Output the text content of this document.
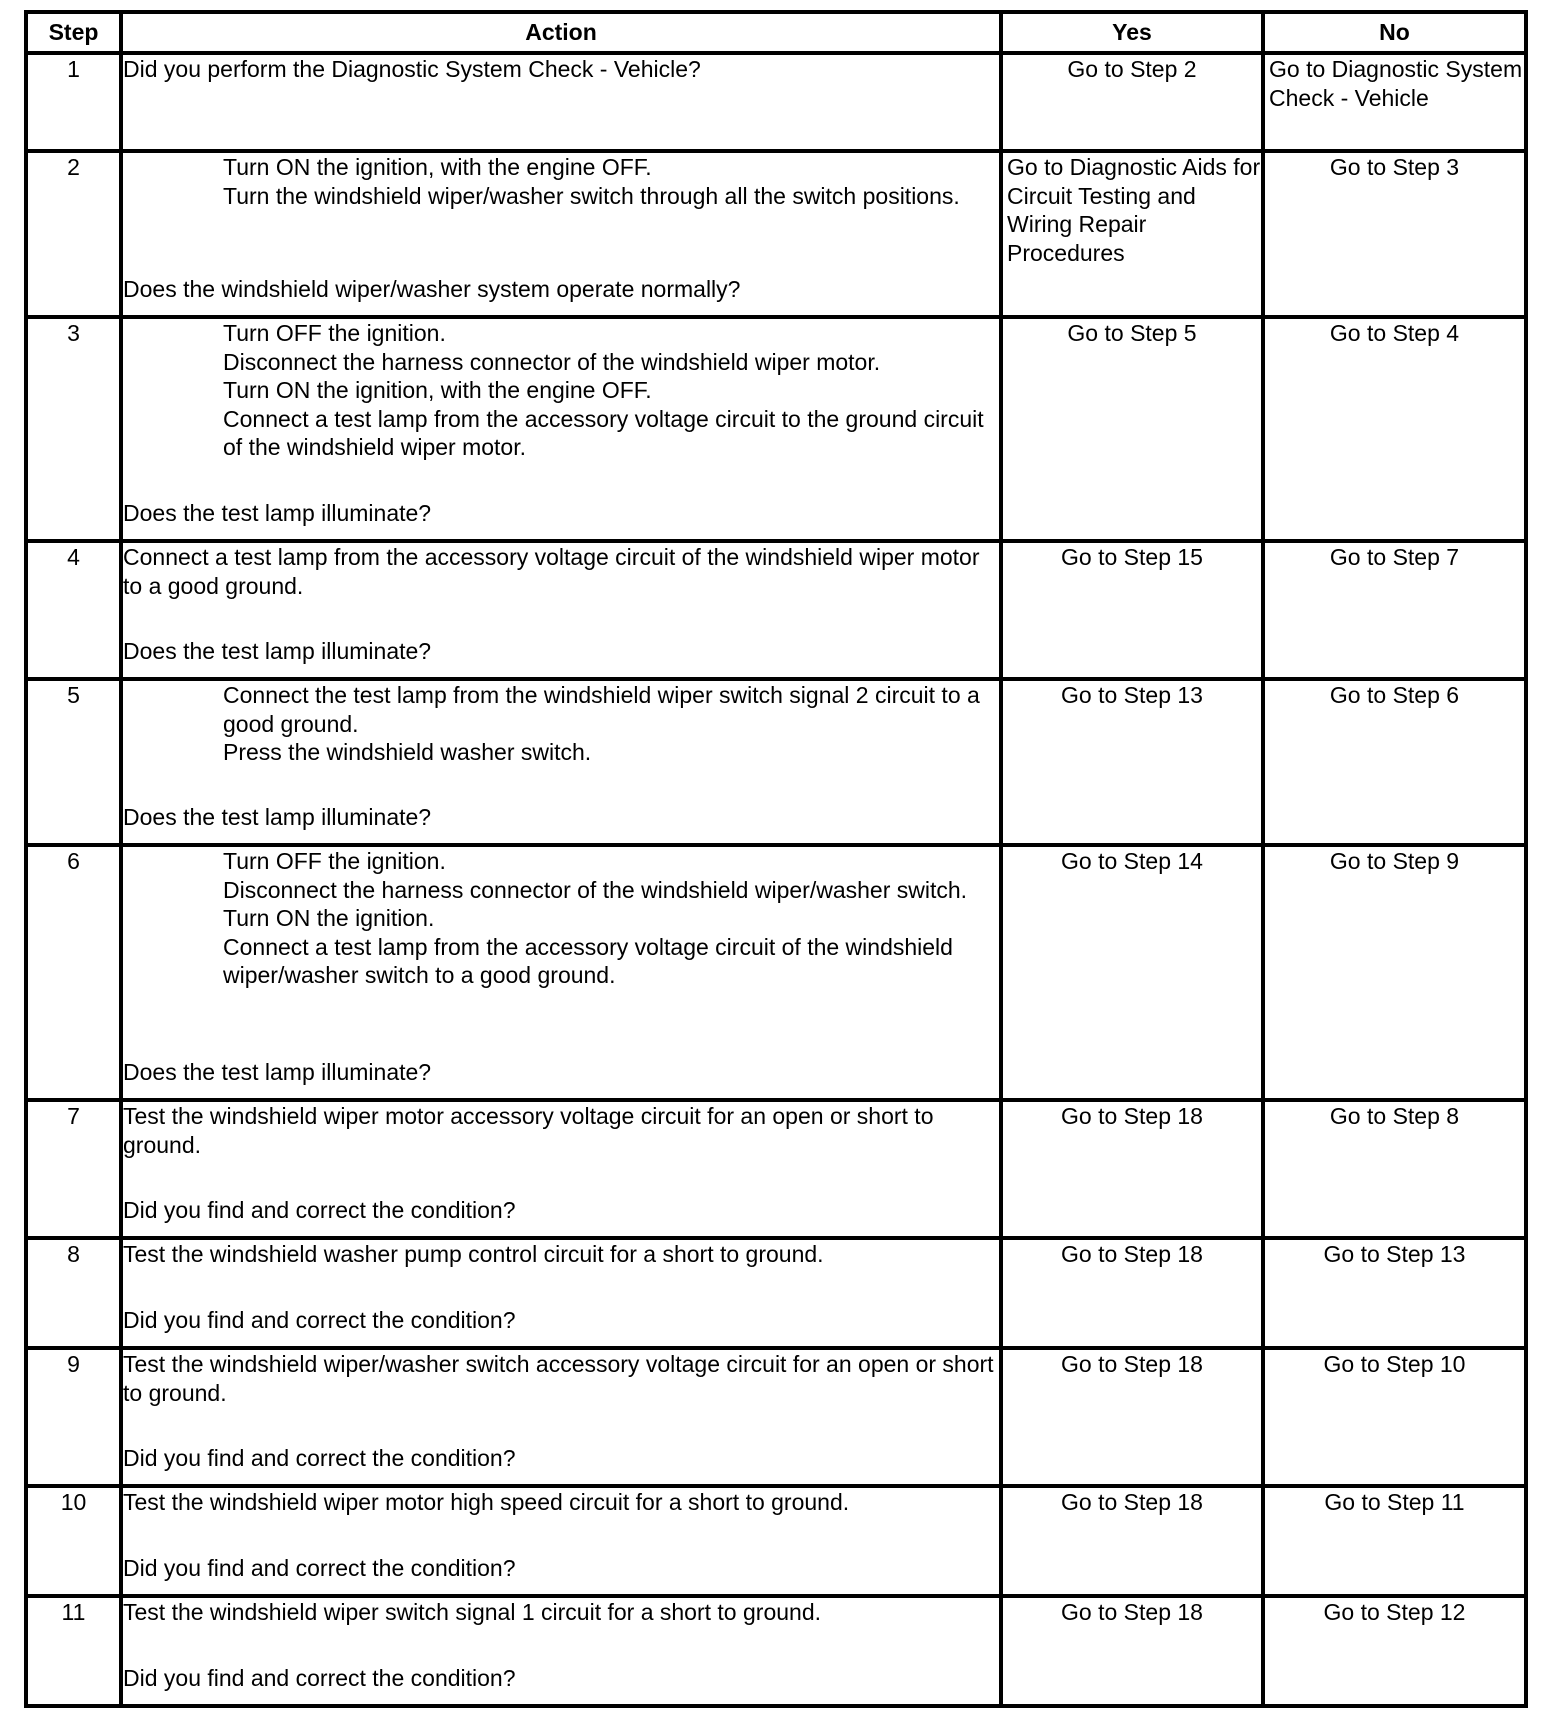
Step	Action	Yes	No
1	Did you perform the Diagnostic System Check - Vehicle?	Go to Step 2	Go to Diagnostic System Check - Vehicle
2	Turn ON the ignition, with the engine OFF.
Turn the windshield wiper/washer switch through all the switch positions.
Does the windshield wiper/washer system operate normally?	Go to Diagnostic Aids for Circuit Testing and Wiring Repair Procedures	Go to Step 3
3	Turn OFF the ignition.
Disconnect the harness connector of the windshield wiper motor.
Turn ON the ignition, with the engine OFF.
Connect a test lamp from the accessory voltage circuit to the ground circuit of the windshield wiper motor.
Does the test lamp illuminate?	Go to Step 5	Go to Step 4
4	Connect a test lamp from the accessory voltage circuit of the windshield wiper motor to a good ground.
Does the test lamp illuminate?	Go to Step 15	Go to Step 7
5	Connect the test lamp from the windshield wiper switch signal 2 circuit to a good ground.
Press the windshield washer switch.
Does the test lamp illuminate?	Go to Step 13	Go to Step 6
6	Turn OFF the ignition.
Disconnect the harness connector of the windshield wiper/washer switch.
Turn ON the ignition.
Connect a test lamp from the accessory voltage circuit of the windshield wiper/washer switch to a good ground.
Does the test lamp illuminate?	Go to Step 14	Go to Step 9
7	Test the windshield wiper motor accessory voltage circuit for an open or short to ground.
Did you find and correct the condition?	Go to Step 18	Go to Step 8
8	Test the windshield washer pump control circuit for a short to ground.
Did you find and correct the condition?	Go to Step 18	Go to Step 13
9	Test the windshield wiper/washer switch accessory voltage circuit for an open or short to ground.
Did you find and correct the condition?	Go to Step 18	Go to Step 10
10	Test the windshield wiper motor high speed circuit for a short to ground.
Did you find and correct the condition?	Go to Step 18	Go to Step 11
11	Test the windshield wiper switch signal 1 circuit for a short to ground.
Did you find and correct the condition?	Go to Step 18	Go to Step 12
